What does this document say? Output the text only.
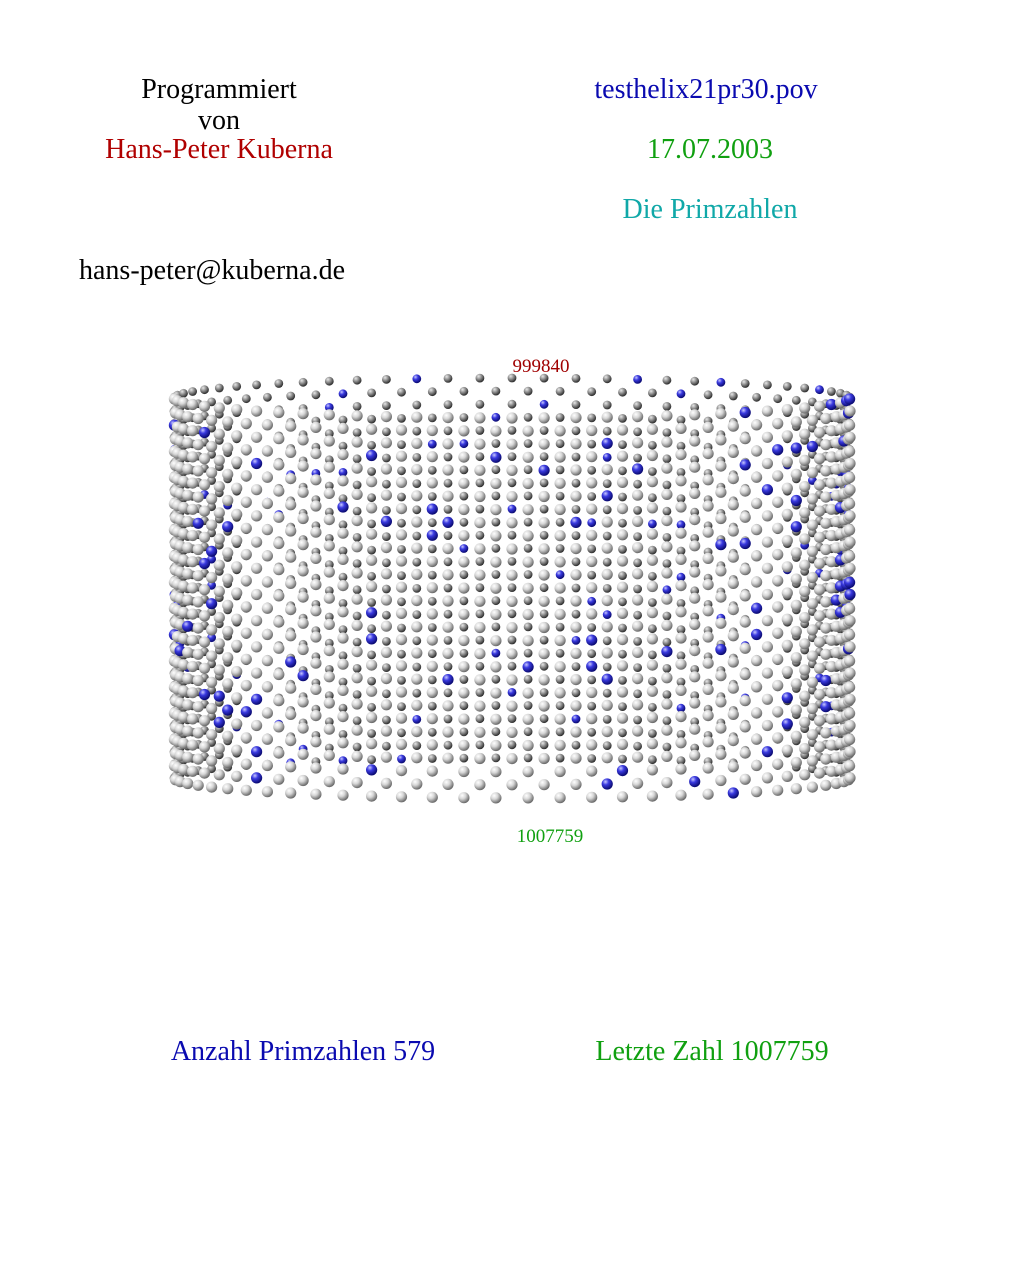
Programmiert
von
Hans-Peter Kuberna
hans-peter@kuberna.de
testhelix21pr30.pov
17.07.2003
Die Primzahlen
999840
1007759
Anzahl Primzahlen 579	Letzte Zahl 1007759
